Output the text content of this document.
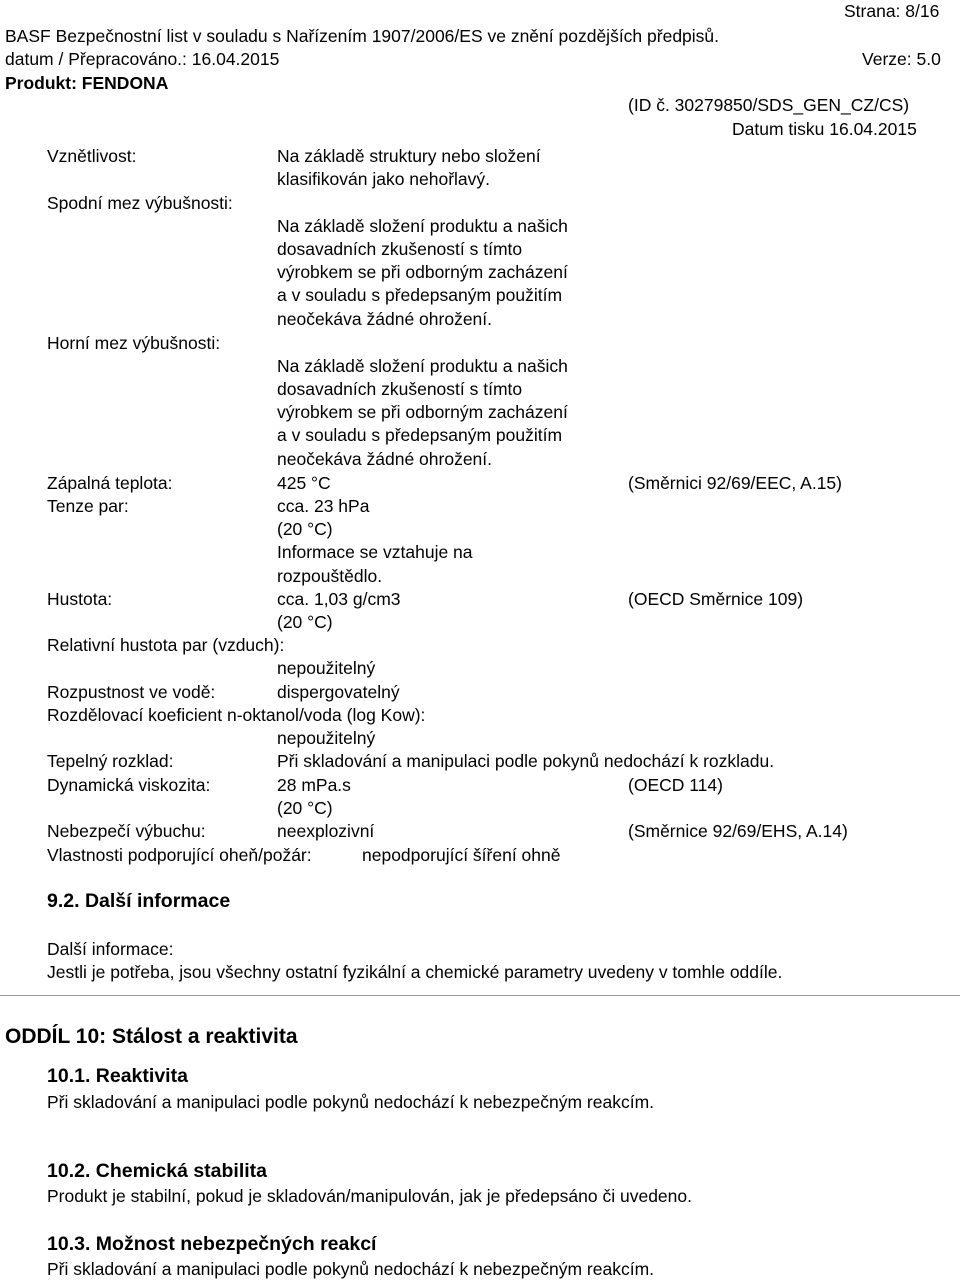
Strana: 8/16
BASF Bezpečnostní list v souladu s Nařízením 1907/2006/ES ve znění pozdějších předpisů.
datum / Přepracováno.: 16.04.2015	Verze: 5.0
Produkt: FENDONA
(ID č. 30279850/SDS_GEN_CZ/CS)
Datum tisku 16.04.2015
Vznětlivost:	Na základě struktury nebo složení
klasifikován jako nehořlavý.
Spodní mez výbušnosti:
Na základě složení produktu a našich
dosavadních zkušeností s tímto
výrobkem se při odborným zacházení
a v souladu s předepsaným použitím
neočekáva žádné ohrožení.
Horní mez výbušnosti:
Na základě složení produktu a našich
dosavadních zkušeností s tímto
výrobkem se při odborným zacházení
a v souladu s předepsaným použitím
neočekáva žádné ohrožení.
Zápalná teplota:	425 °C	(Směrnici 92/69/EEC, A.15)
Tenze par:	cca. 23 hPa
(20 °C)
Informace se vztahuje na
rozpouštědlo.
Hustota:	cca. 1,03 g/cm3	(OECD Směrnice 109)
(20 °C)
Relativní hustota par (vzduch):
nepoužitelný
Rozpustnost ve vodě:	dispergovatelný
Rozdělovací koeficient n-oktanol/voda (log Kow):
nepoužitelný
Tepelný rozklad:	Při skladování a manipulaci podle pokynů nedochází k rozkladu.
Dynamická viskozita:	28 mPa.s	(OECD 114)
(20 °C)
Nebezpečí výbuchu:	neexplozivní	(Směrnice 92/69/EHS, A.14)
Vlastnosti podporující oheň/požár:	nepodporující šíření ohně
9.2. Další informace
Další informace:
Jestli je potřeba, jsou všechny ostatní fyzikální a chemické parametry uvedeny v tomhle oddíle.
ODDÍL 10: Stálost a reaktivita
10.1. Reaktivita
Při skladování a manipulaci podle pokynů nedochází k nebezpečným reakcím.
10.2. Chemická stabilita
Produkt je stabilní, pokud je skladován/manipulován, jak je předepsáno či uvedeno.
10.3. Možnost nebezpečných reakcí
Při skladování a manipulaci podle pokynů nedochází k nebezpečným reakcím.
